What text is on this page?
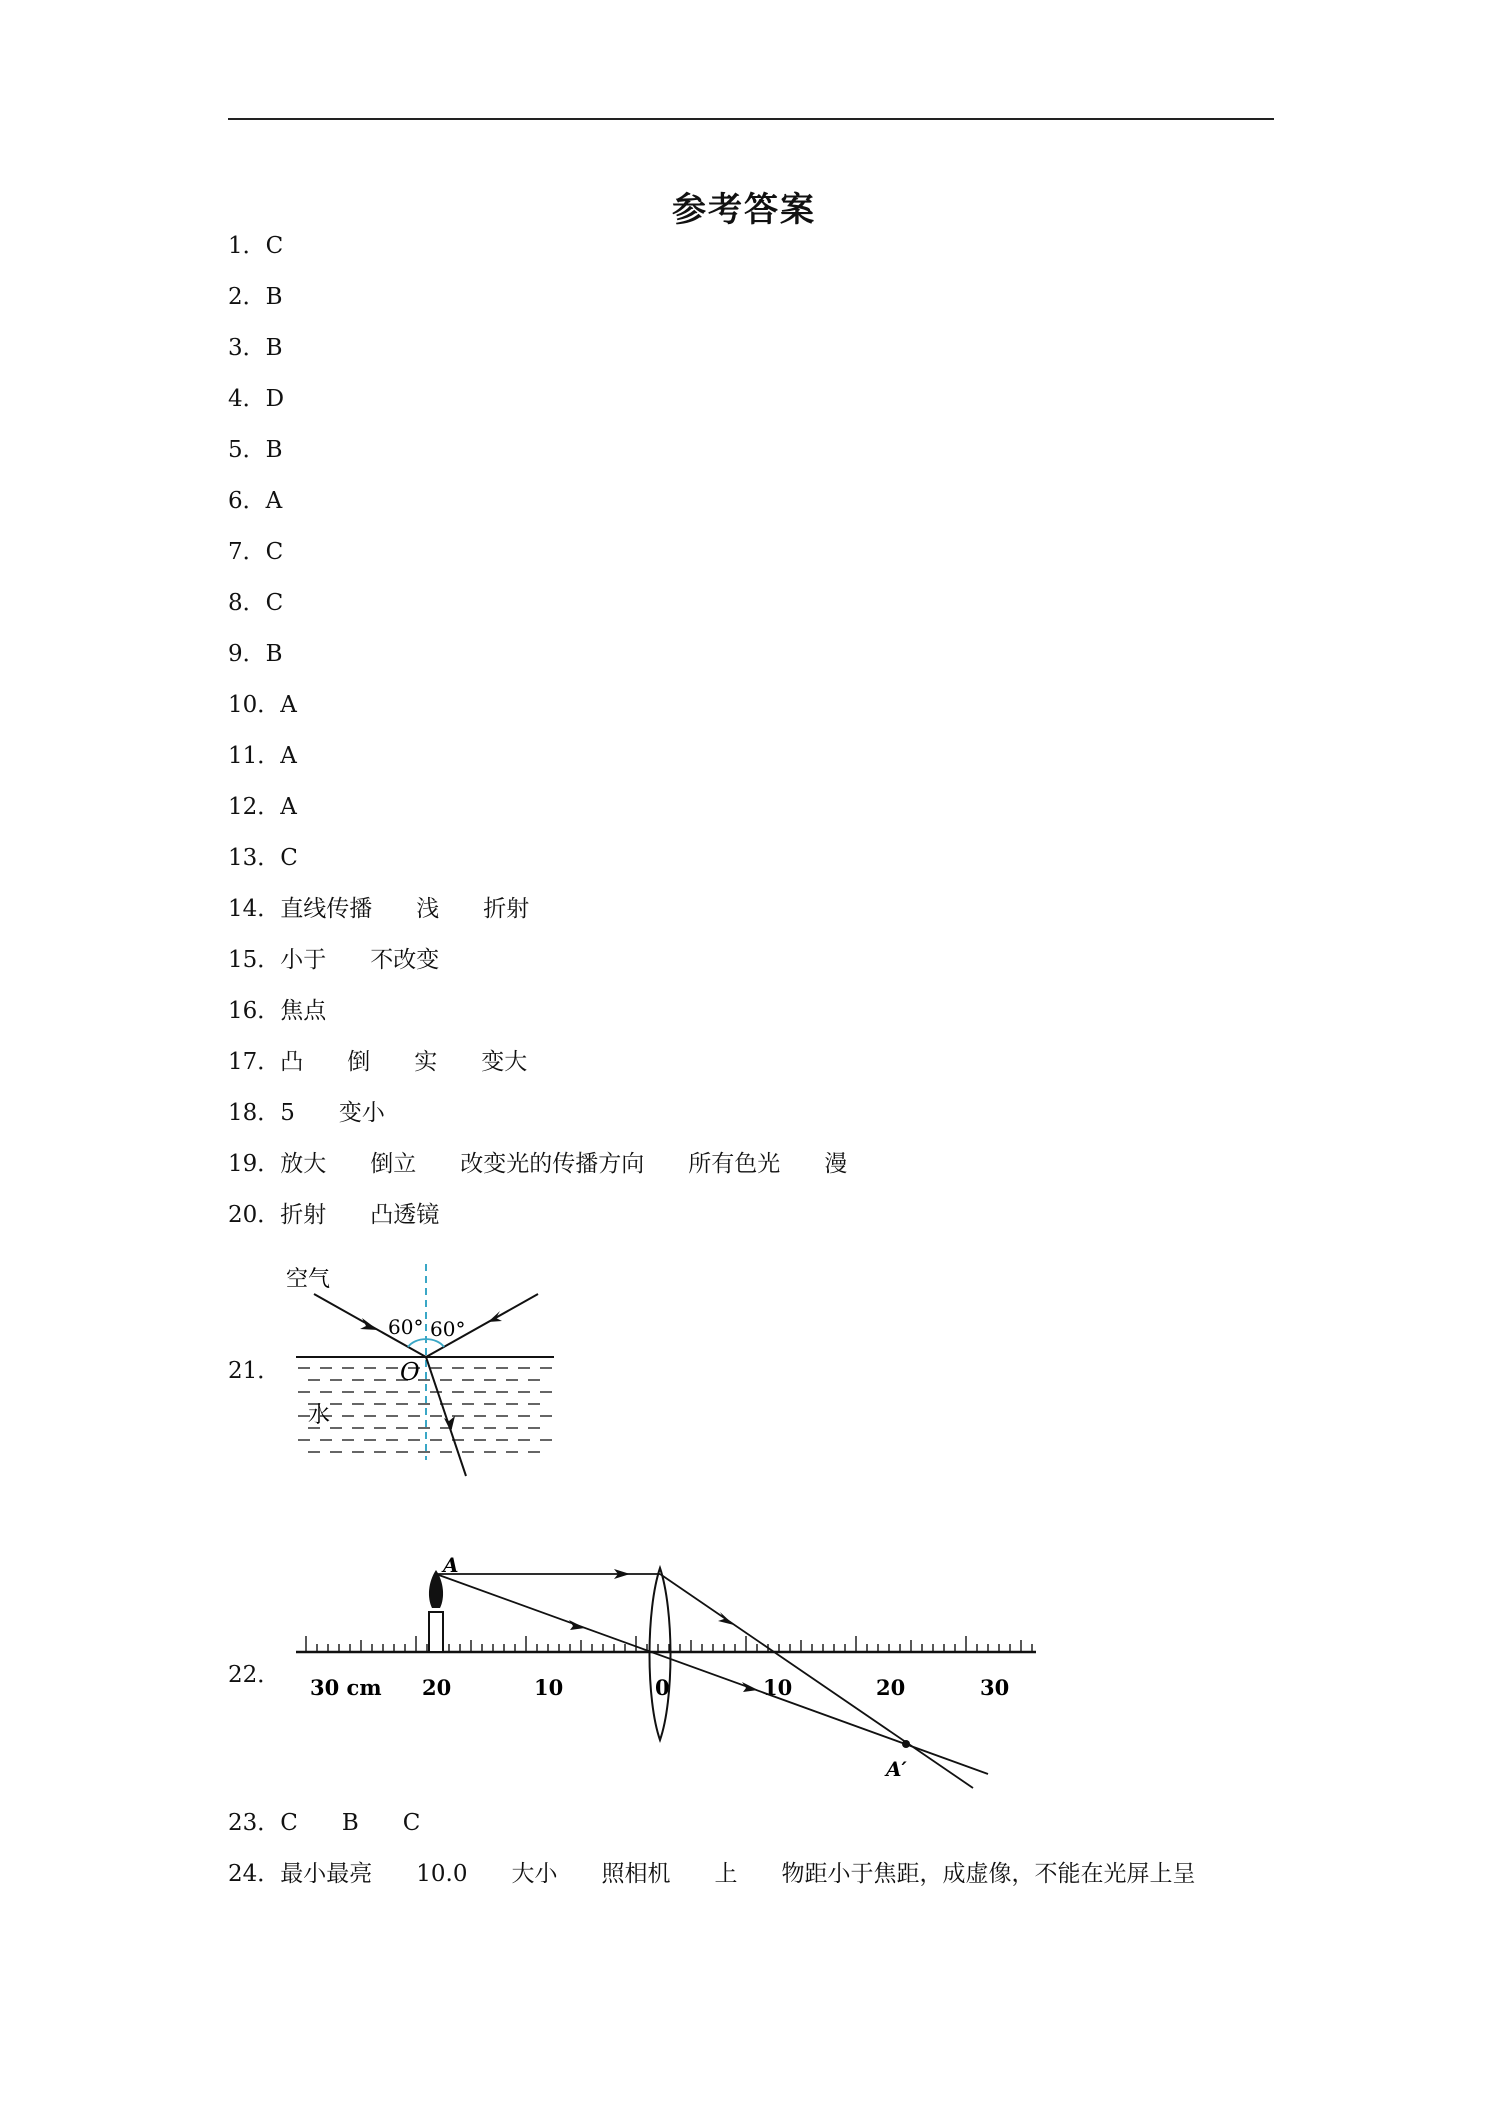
参考答案
1．C
2．B
3．B
4．D
5．B
6．A
7．C
8．C
9．B
10．A
11．A
12．A
13．C
14．直线传播 浅 折射
15．小于 不改变
16．焦点
17．凸 倒 实 变大
18．5 变小
19．放大 倒立 改变光的传播方向 所有色光 漫
20．折射 凸透镜
21．
空气
水
60° 60°
O
22． 30 cm 20	10	0	10	20	30
A
A′
23．C B C
24．最小最亮 10.0 大小 照相机 上 物距小于焦距，成虚像，不能在光屏上呈
